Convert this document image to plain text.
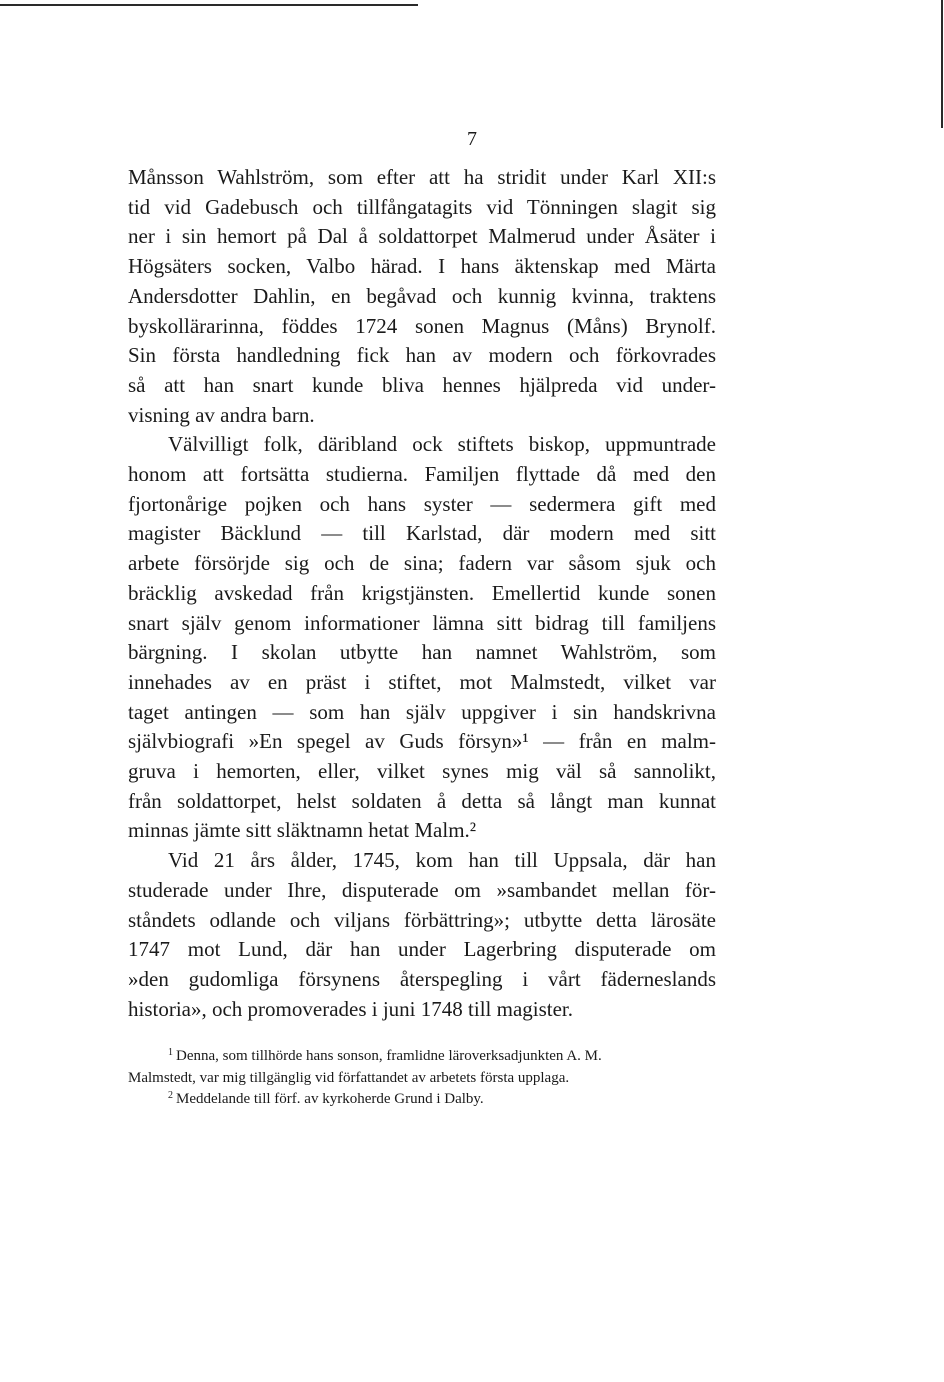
7

Månsson Wahlström, som efter att ha stridit under Karl XII:s

tid vid Gadebusch och tillfångatagits vid Tönningen slagit sig

ner i sin hemort på Dal å soldattorpet Malmerud under Åsäter i

Högsäters socken, Valbo härad. I hans äktenskap med Märta

Andersdotter Dahlin, en begåvad och kunnig kvinna, traktens

byskollärarinna, föddes 1724 sonen Magnus (Måns) Brynolf.

Sin första handledning fick han av modern och förkovrades

så att han snart kunde bliva hennes hjälpreda vid under-

visning av andra barn.

Välvilligt folk, däribland ock stiftets biskop, uppmuntrade

honom att fortsätta studierna. Familjen flyttade då med den

fjortonårige pojken och hans syster — sedermera gift med

magister Bäcklund — till Karlstad, där modern med sitt

arbete försörjde sig och de sina; fadern var såsom sjuk och

bräcklig avskedad från krigstjänsten. Emellertid kunde sonen

snart själv genom informationer lämna sitt bidrag till familjens

bärgning. I skolan utbytte han namnet Wahlström, som

innehades av en präst i stiftet, mot Malmstedt, vilket var

taget antingen — som han själv uppgiver i sin handskrivna

självbiografi »En spegel av Guds försyn»¹ — från en malm-

gruva i hemorten, eller, vilket synes mig väl så sannolikt,

från soldattorpet, helst soldaten å detta så långt man kunnat

minnas jämte sitt släktnamn hetat Malm.²

Vid 21 års ålder, 1745, kom han till Uppsala, där han

studerade under Ihre, disputerade om »sambandet mellan för-

ståndets odlande och viljans förbättring»; utbytte detta lärosäte

1747 mot Lund, där han under Lagerbring disputerade om

»den gudomliga försynens återspegling i vårt fäderneslands

historia», och promoverades i juni 1748 till magister.

$^1$ Denna, som tillhörde hans sonson, framlidne läroverksadjunkten A. M.

Malmstedt, var mig tillgänglig vid författandet av arbetets första upplaga.

$^2$ Meddelande till förf. av kyrkoherde Grund i Dalby.
